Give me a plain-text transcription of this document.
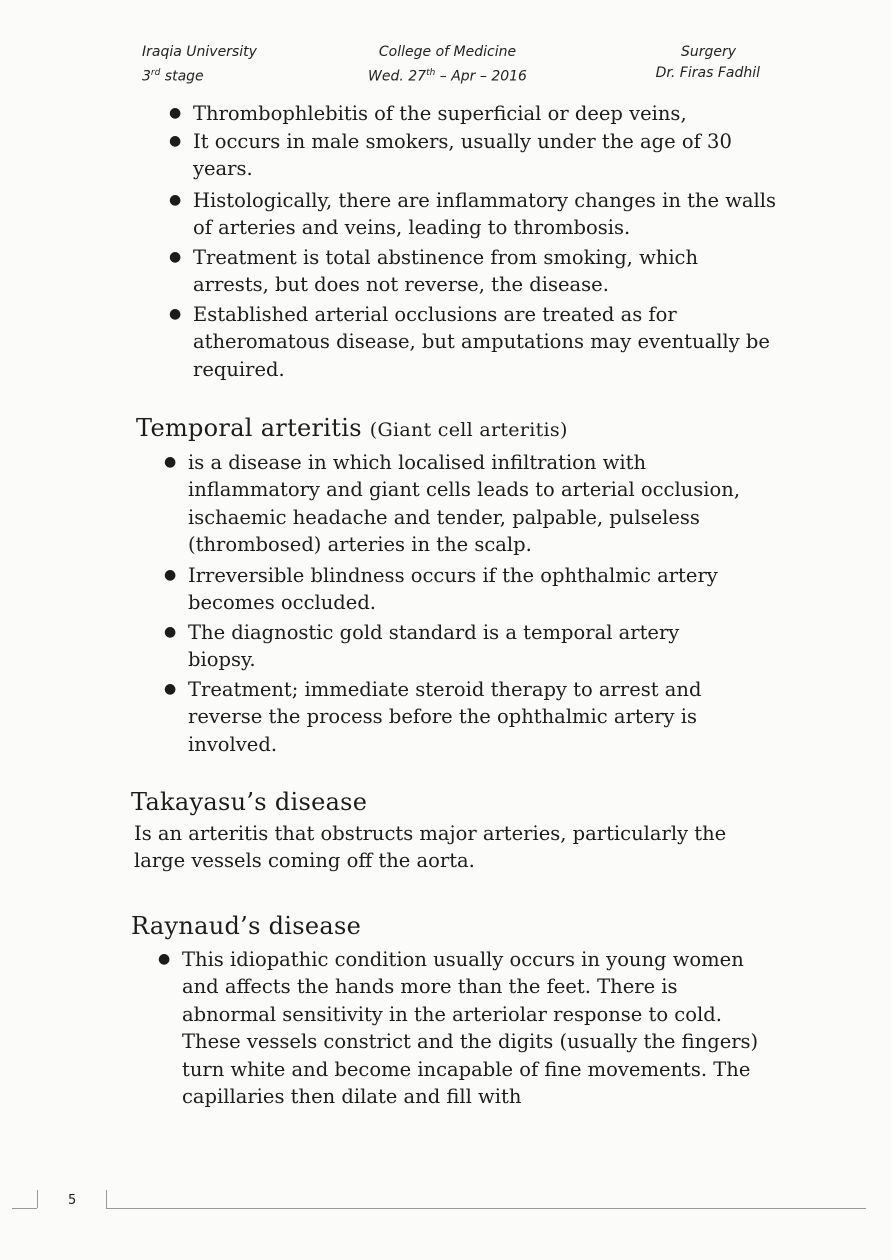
Iraqia University
3rd stage
College of Medicine
Wed. 27th – Apr – 2016
Surgery
Dr. Firas Fadhil
● Thrombophlebitis of the superficial or deep veins,
● It occurs in male smokers, usually under the age of 30 years.
● Histologically, there are inflammatory changes in the walls of arteries and veins, leading to thrombosis.
● Treatment is total abstinence from smoking, which arrests, but does not reverse, the disease.
● Established arterial occlusions are treated as for atheromatous disease, but amputations may eventually be required.
Temporal arteritis (Giant cell arteritis)
● is a disease in which localised infiltration with inflammatory and giant cells leads to arterial occlusion, ischaemic headache and tender, palpable, pulseless (thrombosed) arteries in the scalp.
● Irreversible blindness occurs if the ophthalmic artery becomes occluded.
● The diagnostic gold standard is a temporal artery biopsy.
● Treatment; immediate steroid therapy to arrest and reverse the process before the ophthalmic artery is involved.
Takayasu’s disease
Is an arteritis that obstructs major arteries, particularly the large vessels coming off the aorta.
Raynaud’s disease
● This idiopathic condition usually occurs in young women and affects the hands more than the feet. There is abnormal sensitivity in the arteriolar response to cold. These vessels constrict and the digits (usually the fingers) turn white and become incapable of fine movements. The capillaries then dilate and fill with
5
